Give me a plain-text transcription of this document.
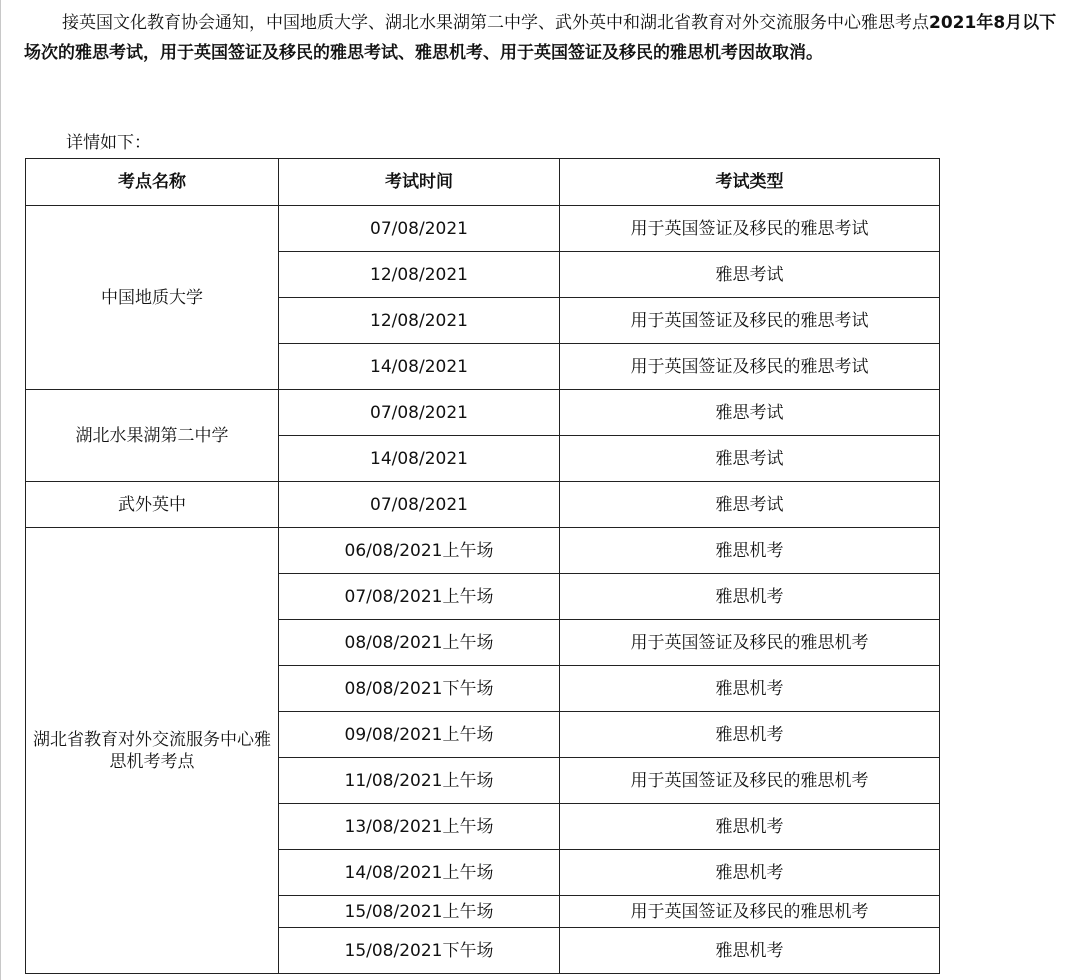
接英国文化教育协会通知，中国地质大学、湖北水果湖第二中学、武外英中和湖北省教育对外交流服务中心雅思考点2021年8月以下场次的雅思考试，用于英国签证及移民的雅思考试、雅思机考、用于英国签证及移民的雅思机考因故取消。

详情如下：
考点名称	考试时间	考试类型
中国地质大学	07/08/2021	用于英国签证及移民的雅思考试
	12/08/2021	雅思考试
	12/08/2021	用于英国签证及移民的雅思考试
	14/08/2021	用于英国签证及移民的雅思考试
湖北水果湖第二中学	07/08/2021	雅思考试
	14/08/2021	雅思考试
武外英中	07/08/2021	雅思考试
湖北省教育对外交流服务中心雅思机考考点	06/08/2021上午场	雅思机考
	07/08/2021上午场	雅思机考
	08/08/2021上午场	用于英国签证及移民的雅思机考
	08/08/2021下午场	雅思机考
	09/08/2021上午场	雅思机考
	11/08/2021上午场	用于英国签证及移民的雅思机考
	13/08/2021上午场	雅思机考
	14/08/2021上午场	雅思机考
	15/08/2021上午场	用于英国签证及移民的雅思机考
	15/08/2021下午场	雅思机考
